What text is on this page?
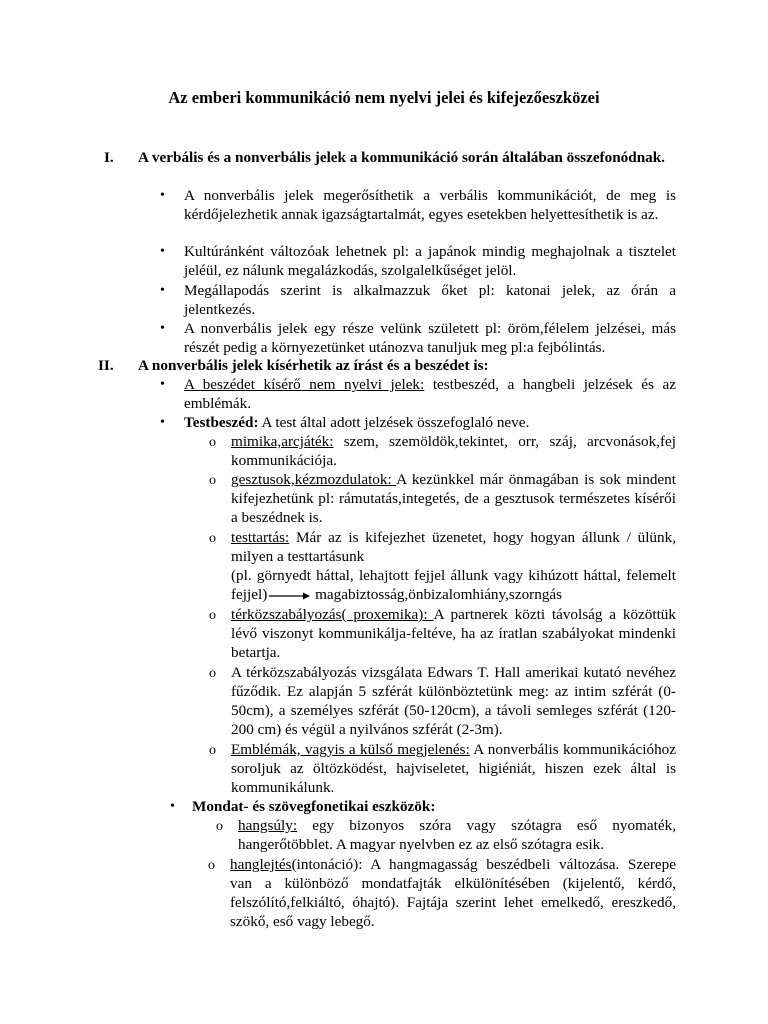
Az emberi kommunikáció nem nyelvi jelei és kifejezőeszközei
I. A verbális és a nonverbális jelek a kommunikáció során általában összefonódnak.
• A nonverbális jelek megerősíthetik a verbális kommunikációt, de meg is kérdőjelezhetik annak igazságtartalmát, egyes esetekben helyettesíthetik is az.
• Kultúránként változóak lehetnek pl: a japánok mindig meghajolnak a tisztelet jeléül, ez nálunk megalázkodás, szolgalelkűséget jelöl.
• Megállapodás szerint is alkalmazzuk őket pl: katonai jelek, az órán a jelentkezés.
• A nonverbális jelek egy része velünk született pl: öröm,félelem jelzései, más részét pedig a környezetünket utánozva tanuljuk meg pl:a fejbólintás.
II. A nonverbális jelek kísérhetik az írást és a beszédet is:
• A beszédet kísérő nem nyelvi jelek: testbeszéd, a hangbeli jelzések és az emblémák.
• Testbeszéd: A test által adott jelzések összefoglaló neve.
o mimika,arcjáték: szem, szemöldök,tekintet, orr, száj, arcvonások,fej kommunikációja.
o gesztusok,kézmozdulatok: A kezünkkel már önmagában is sok mindent kifejezhetünk pl: rámutatás,integetés, de a gesztusok természetes kísérői a beszédnek is.
o testtartás: Már az is kifejezhet üzenetet, hogy hogyan állunk / ülünk, milyen a testtartásunk
(pl. görnyedt háttal, lehajtott fejjel állunk vagy kihúzott háttal, felemelt fejjel)	magabiztosság,önbizalomhiány,szorngás
o térközszabályozás( proxemika): A partnerek közti távolság a közöttük lévő viszonyt kommunikálja-feltéve, ha az íratlan szabályokat mindenki betartja.
o A térközszabályozás vizsgálata Edwars T. Hall amerikai kutató nevéhez fűződik. Ez alapján 5 szférát különböztetünk meg: az intim szférát (0-50cm), a személyes szférát (50-120cm), a távoli semleges szférát (120-200 cm) és végül a nyilvános szférát (2-3m).
o Emblémák, vagyis a külső megjelenés: A nonverbális kommunikációhoz soroljuk az öltözködést, hajviseletet, higiéniát, hiszen ezek által is kommunikálunk.
• Mondat- és szövegfonetikai eszközök:
o hangsúly: egy bizonyos szóra vagy szótagra eső nyomaték, hangerőtöbblet. A magyar nyelvben ez az első szótagra esik.
o hanglejtés(intonáció): A hangmagasság beszédbeli változása. Szerepe van a különböző mondatfajták elkülönítésében (kijelentő, kérdő, felszólító,felkiáltó, óhajtó). Fajtája szerint lehet emelkedő, ereszkedő, szökő, eső vagy lebegő.
